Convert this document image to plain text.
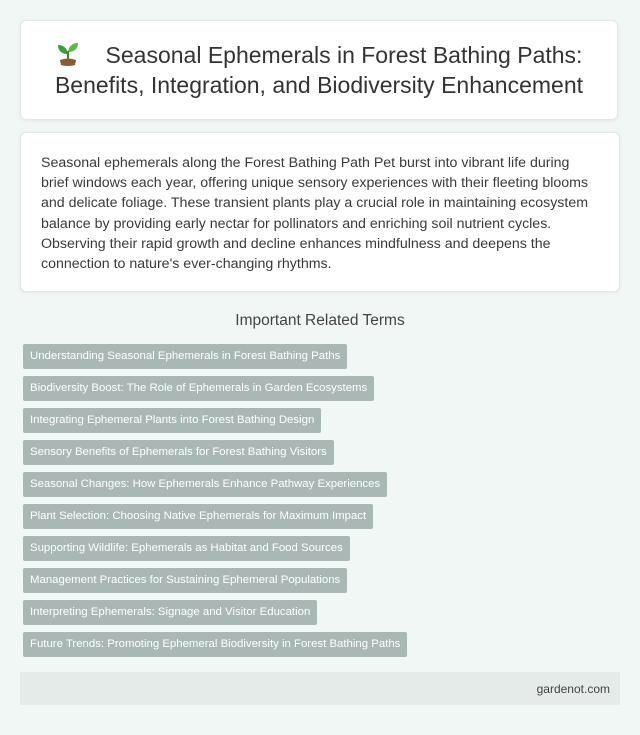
Seasonal Ephemerals in Forest Bathing Paths: Benefits, Integration, and Biodiversity Enhancement

Seasonal ephemerals along the Forest Bathing Path Pet burst into vibrant life during brief windows each year, offering unique sensory experiences with their fleeting blooms and delicate foliage. These transient plants play a crucial role in maintaining ecosystem balance by providing early nectar for pollinators and enriching soil nutrient cycles. Observing their rapid growth and decline enhances mindfulness and deepens the connection to nature's ever-changing rhythms.

Important Related Terms
Understanding Seasonal Ephemerals in Forest Bathing Paths
Biodiversity Boost: The Role of Ephemerals in Garden Ecosystems
Integrating Ephemeral Plants into Forest Bathing Design
Sensory Benefits of Ephemerals for Forest Bathing Visitors
Seasonal Changes: How Ephemerals Enhance Pathway Experiences
Plant Selection: Choosing Native Ephemerals for Maximum Impact
Supporting Wildlife: Ephemerals as Habitat and Food Sources
Management Practices for Sustaining Ephemeral Populations
Interpreting Ephemerals: Signage and Visitor Education
Future Trends: Promoting Ephemeral Biodiversity in Forest Bathing Paths
gardenot.com
